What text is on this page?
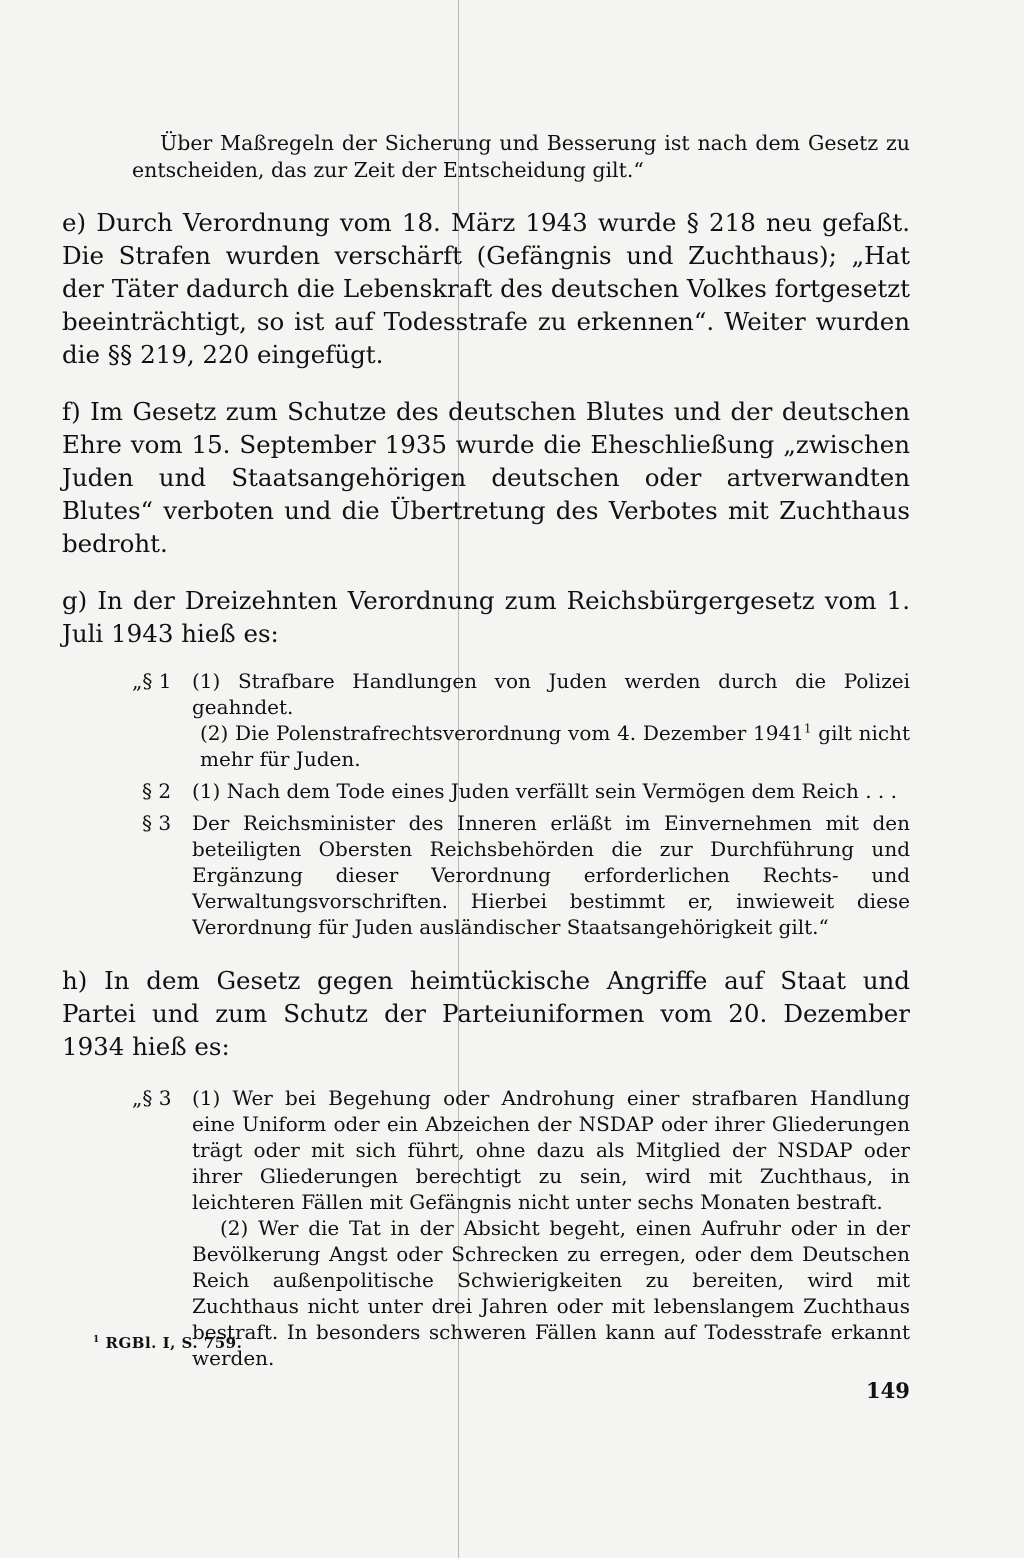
Über Maßregeln der Sicherung und Besserung ist nach dem Gesetz zu entscheiden, das zur Zeit der Entscheidung gilt.“

e) Durch Verordnung vom 18. März 1943 wurde § 218 neu gefaßt. Die Strafen wurden verschärft (Gefängnis und Zuchthaus); „Hat der Täter dadurch die Lebenskraft des deutschen Volkes fortgesetzt beeinträchtigt, so ist auf Todesstrafe zu erkennen“. Weiter wurden die §§ 219, 220 eingefügt.

f) Im Gesetz zum Schutze des deutschen Blutes und der deutschen Ehre vom 15. September 1935 wurde die Eheschließung „zwischen Juden und Staatsangehörigen deutschen oder artverwandten Blutes“ verboten und die Übertretung des Verbotes mit Zuchthaus bedroht.

g) In der Dreizehnten Verordnung zum Reichsbürgergesetz vom 1. Juli 1943 hieß es:

„§ 1	(1) Strafbare Handlungen von Juden werden durch die Polizei geahndet.

(2) Die Polenstrafrechtsverordnung vom 4. Dezember 1941$^1$ gilt nicht mehr für Juden.

§ 2	(1) Nach dem Tode eines Juden verfällt sein Vermögen dem Reich . . .

§ 3	Der Reichsminister des Inneren erläßt im Einvernehmen mit den beteiligten Obersten Reichsbehörden die zur Durchführung und Ergänzung dieser Verordnung erforderlichen Rechts- und Verwaltungsvorschriften. Hierbei bestimmt er, inwieweit diese Verordnung für Juden ausländischer Staatsangehörigkeit gilt.“

h) In dem Gesetz gegen heimtückische Angriffe auf Staat und Partei und zum Schutz der Parteiuniformen vom 20. Dezember 1934 hieß es:

„§ 3	(1) Wer bei Begehung oder Androhung einer strafbaren Handlung eine Uniform oder ein Abzeichen der NSDAP oder ihrer Gliederungen trägt oder mit sich führt, ohne dazu als Mitglied der NSDAP oder ihrer Gliederungen berechtigt zu sein, wird mit Zuchthaus, in leichteren Fällen mit Gefängnis nicht unter sechs Monaten bestraft.

(2) Wer die Tat in der Absicht begeht, einen Aufruhr oder in der Bevölkerung Angst oder Schrecken zu erregen, oder dem Deutschen Reich außenpolitische Schwierigkeiten zu bereiten, wird mit Zuchthaus nicht unter drei Jahren oder mit lebenslangem Zuchthaus bestraft. In besonders schweren Fällen kann auf Todesstrafe erkannt werden.

$^1$ RGBl. I, S. 759.
149
